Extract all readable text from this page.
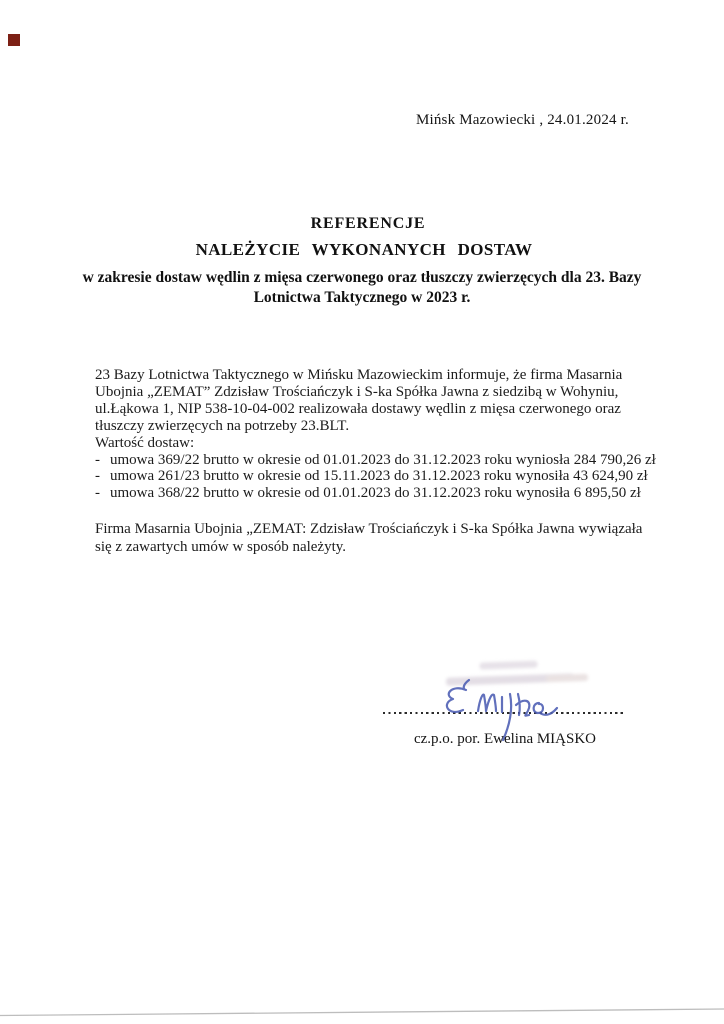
Mińsk Mazowiecki , 24.01.2024 r.
REFERENCJE
NALEŻYCIE WYKONANYCH DOSTAW
w zakresie dostaw wędlin z mięsa czerwonego oraz tłuszczy zwierzęcych dla 23. Bazy
Lotnictwa Taktycznego w 2023 r.
23 Bazy Lotnictwa Taktycznego w Mińsku Mazowieckim informuje, że firma Masarnia
Ubojnia „ZEMAT” Zdzisław Trościańczyk i S-ka Spółka Jawna z siedzibą w Wohyniu,
ul.Łąkowa 1, NIP 538-10-04-002 realizowała dostawy wędlin z mięsa czerwonego oraz
tłuszczy zwierzęcych na potrzeby 23.BLT.
Wartość dostaw:
- umowa 369/22 brutto w okresie od 01.01.2023 do 31.12.2023 roku wyniosła 284 790,26 zł
- umowa 261/23 brutto w okresie od 15.11.2023 do 31.12.2023 roku wynosiła 43 624,90 zł
- umowa 368/22 brutto w okresie od 01.01.2023 do 31.12.2023 roku wynosiła 6 895,50 zł
Firma Masarnia Ubojnia „ZEMAT: Zdzisław Trościańczyk i S-ka Spółka Jawna wywiązała
się z zawartych umów w sposób należyty.
cz.p.o. por. Ewelina MIĄSKO
